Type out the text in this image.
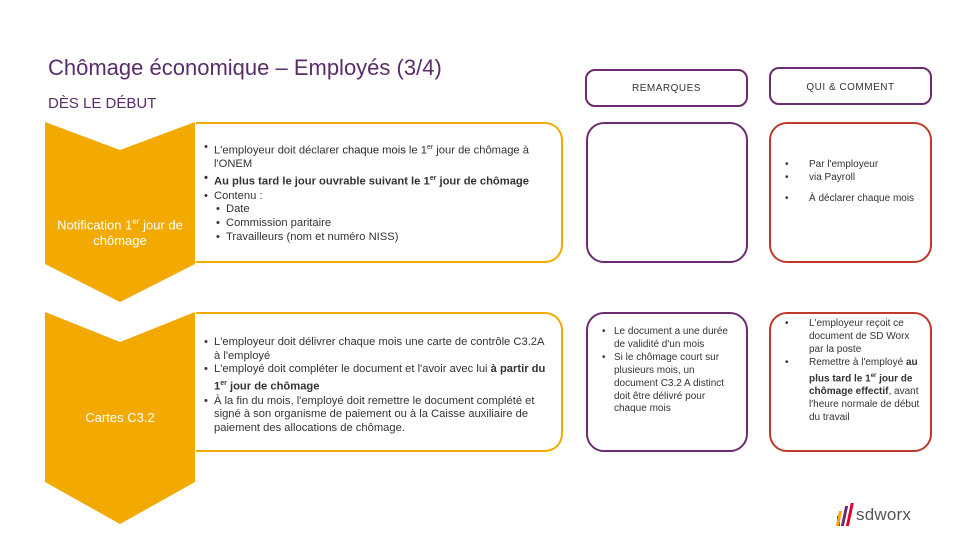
Chômage économique – Employés (3/4)
DÈS LE DÉBUT
REMARQUES	QUI & COMMENT
Notification 1er jour de chômage
• L'employeur doit déclarer chaque mois le 1er jour de chômage à l'ONEM
• Au plus tard le jour ouvrable suivant le 1er jour de chômage
• Contenu :
• Date
• Commission paritaire
• Travailleurs (nom et numéro NISS)
• Par l'employeur
• via Payroll
• À déclarer chaque mois
Cartes C3.2
• L'employeur doit délivrer chaque mois une carte de contrôle C3.2A à l'employé
• L'employé doit compléter le document et l'avoir avec lui à partir du 1er jour de chômage
• À la fin du mois, l'employé doit remettre le document complété et signé à son organisme de paiement ou à la Caisse auxiliaire de paiement des allocations de chômage.
• Le document a une durée de validité d'un mois
• Si le chômage court sur plusieurs mois, un document C3.2 A distinct doit être délivré pour chaque mois
• L'employeur reçoit ce document de SD Worx par la poste
• Remettre à l'employé au plus tard le 1er jour de chômage effectif, avant l'heure normale de début du travail
sdworx
